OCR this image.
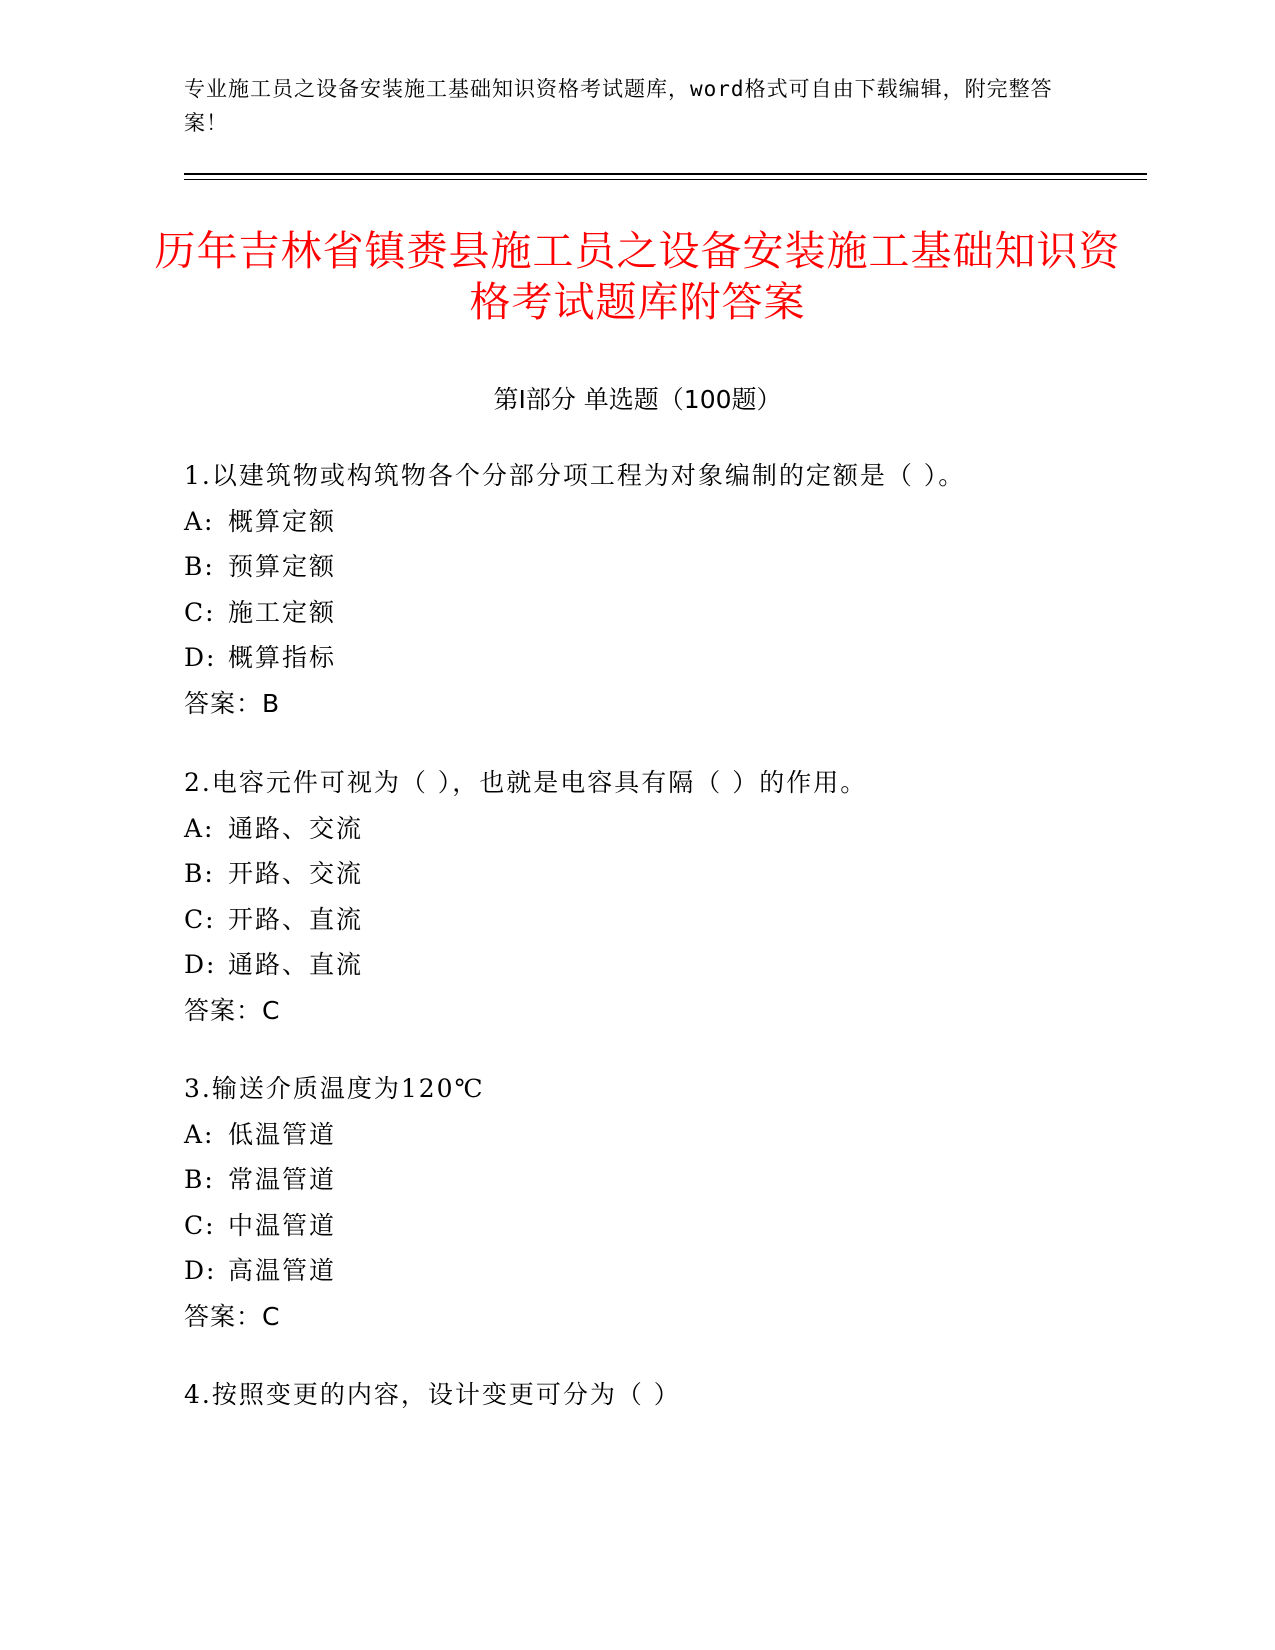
专业施工员之设备安装施工基础知识资格考试题库，word格式可自由下载编辑，附完整答案！
历年吉林省镇赉县施工员之设备安装施工基础知识资格考试题库附答案
第Ⅰ部分 单选题（100题）
1.以建筑物或构筑物各个分部分项工程为对象编制的定额是（ ）。
A: 概算定额
B: 预算定额
C: 施工定额
D: 概算指标
答案：B
2.电容元件可视为（ ），也就是电容具有隔（ ）的作用。
A: 通路、交流
B: 开路、交流
C: 开路、直流
D: 通路、直流
答案：C
3.输送介质温度为120℃
A: 低温管道
B: 常温管道
C: 中温管道
D: 高温管道
答案：C
4.按照变更的内容，设计变更可分为（ ）
